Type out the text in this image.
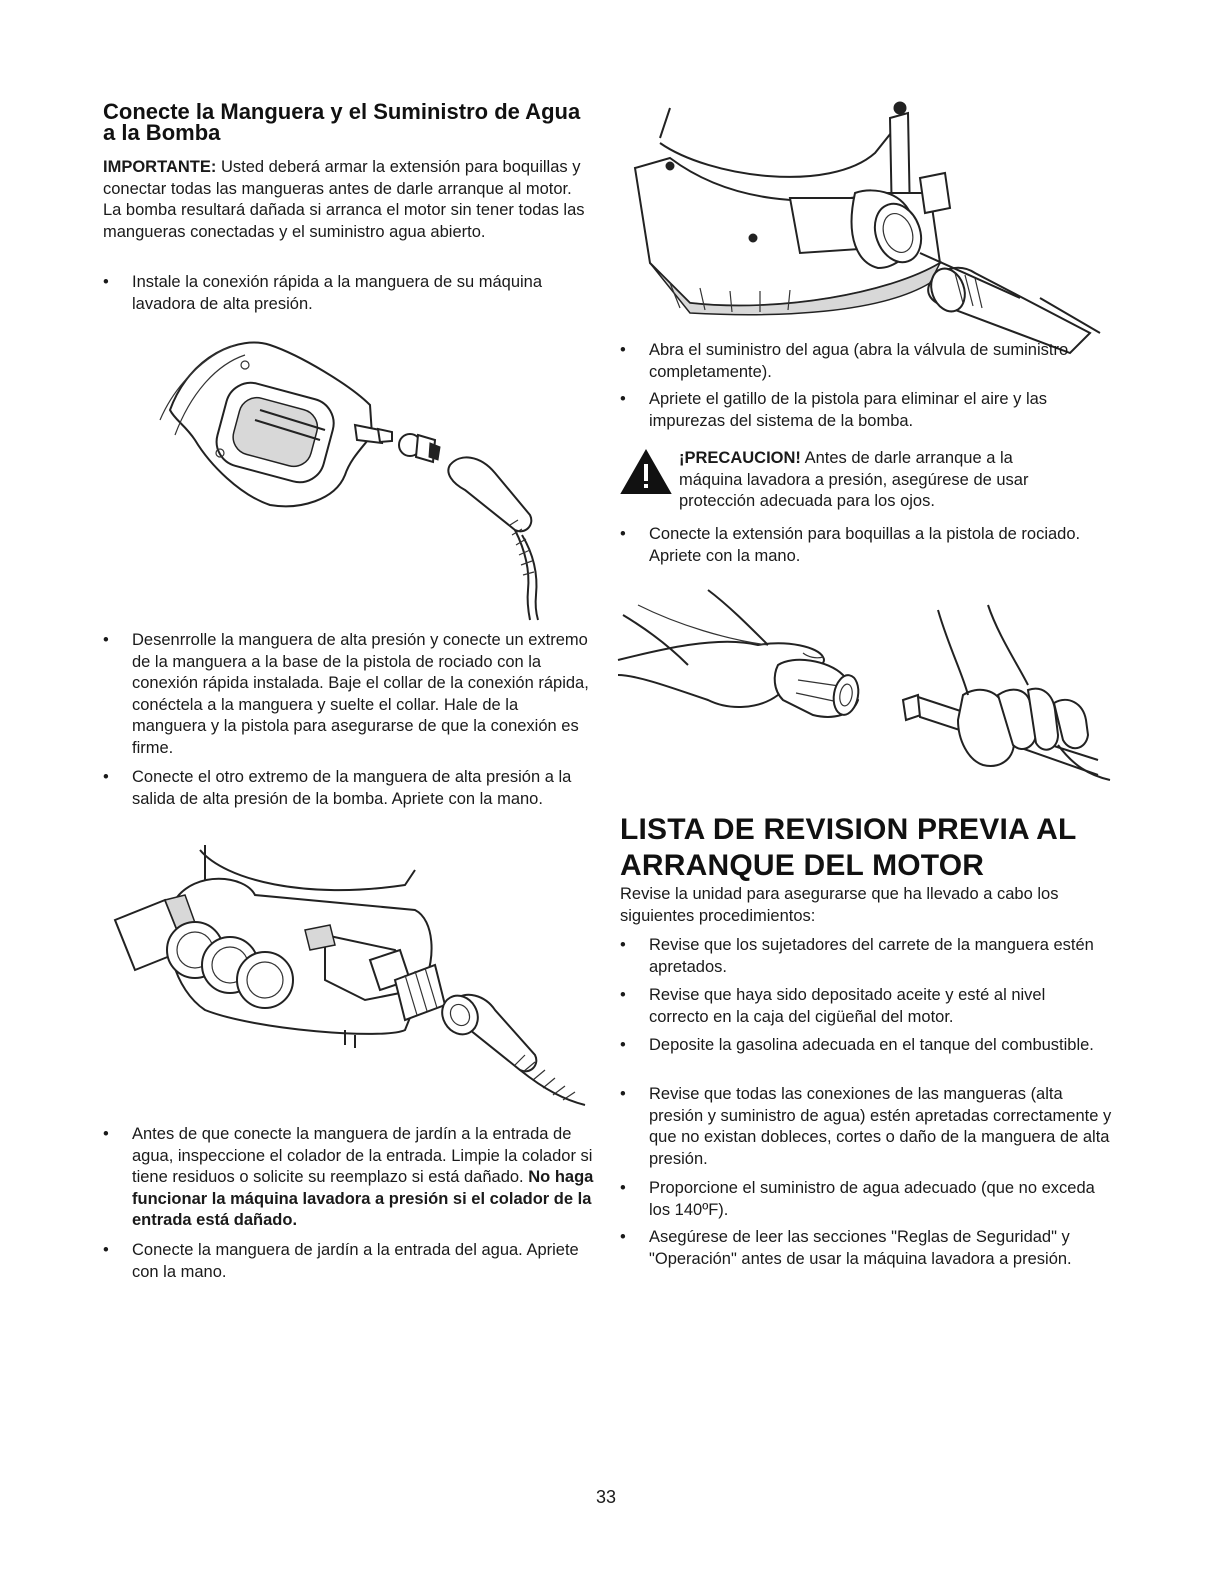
Conecte la Manguera y el Suministro de Agua a la Bomba

IMPORTANTE: Usted deberá armar la extensión para boquillas y conectar todas las mangueras antes de darle arranque al motor. La bomba resultará dañada si arranca el motor sin tener todas las mangueras conectadas y el suministro agua abierto.

• Instale la conexión rápida a la manguera de su máquina lavadora de alta presión.
• Desenrrolle la manguera de alta presión y conecte un extremo de la manguera a la base de la pistola de rociado con la conexión rápida instalada. Baje el collar de la conexión rápida, conéctela a la manguera y suelte el collar. Hale de la manguera y la pistola para asegurarse de que la conexión es firme.
• Conecte el otro extremo de la manguera de alta presión a la salida de alta presión de la bomba. Apriete con la mano.
• Antes de que conecte la manguera de jardín a la entrada de agua, inspeccione el colador de la entrada. Limpie la colador si tiene residuos o solicite su reemplazo si está dañado. No haga funcionar la máquina lavadora a presión si el colador de la entrada está dañado.
• Conecte la manguera de jardín a la entrada del agua. Apriete con la mano.
• Abra el suministro del agua (abra la válvula de suministro completamente).
• Apriete el gatillo de la pistola para eliminar el aire y las impurezas del sistema de la bomba.

¡PRECAUCION! Antes de darle arranque a la máquina lavadora a presión, asegúrese de usar protección adecuada para los ojos.

• Conecte la extensión para boquillas a la pistola de rociado. Apriete con la mano.
LISTA DE REVISION PREVIA AL ARRANQUE DEL MOTOR

Revise la unidad para asegurarse que ha llevado a cabo los siguientes procedimientos:

• Revise que los sujetadores del carrete de la manguera estén apretados.
• Revise que haya sido depositado aceite y esté al nivel correcto en la caja del cigüeñal del motor.
• Deposite la gasolina adecuada en el tanque del combustible.
• Revise que todas las conexiones de las mangueras (alta presión y suministro de agua) estén apretadas correctamente y que no existan dobleces, cortes o daño de la manguera de alta presión.
• Proporcione el suministro de agua adecuado (que no exceda los 140ºF).
• Asegúrese de leer las secciones "Reglas de Seguridad" y "Operación" antes de usar la máquina lavadora a presión.
33
